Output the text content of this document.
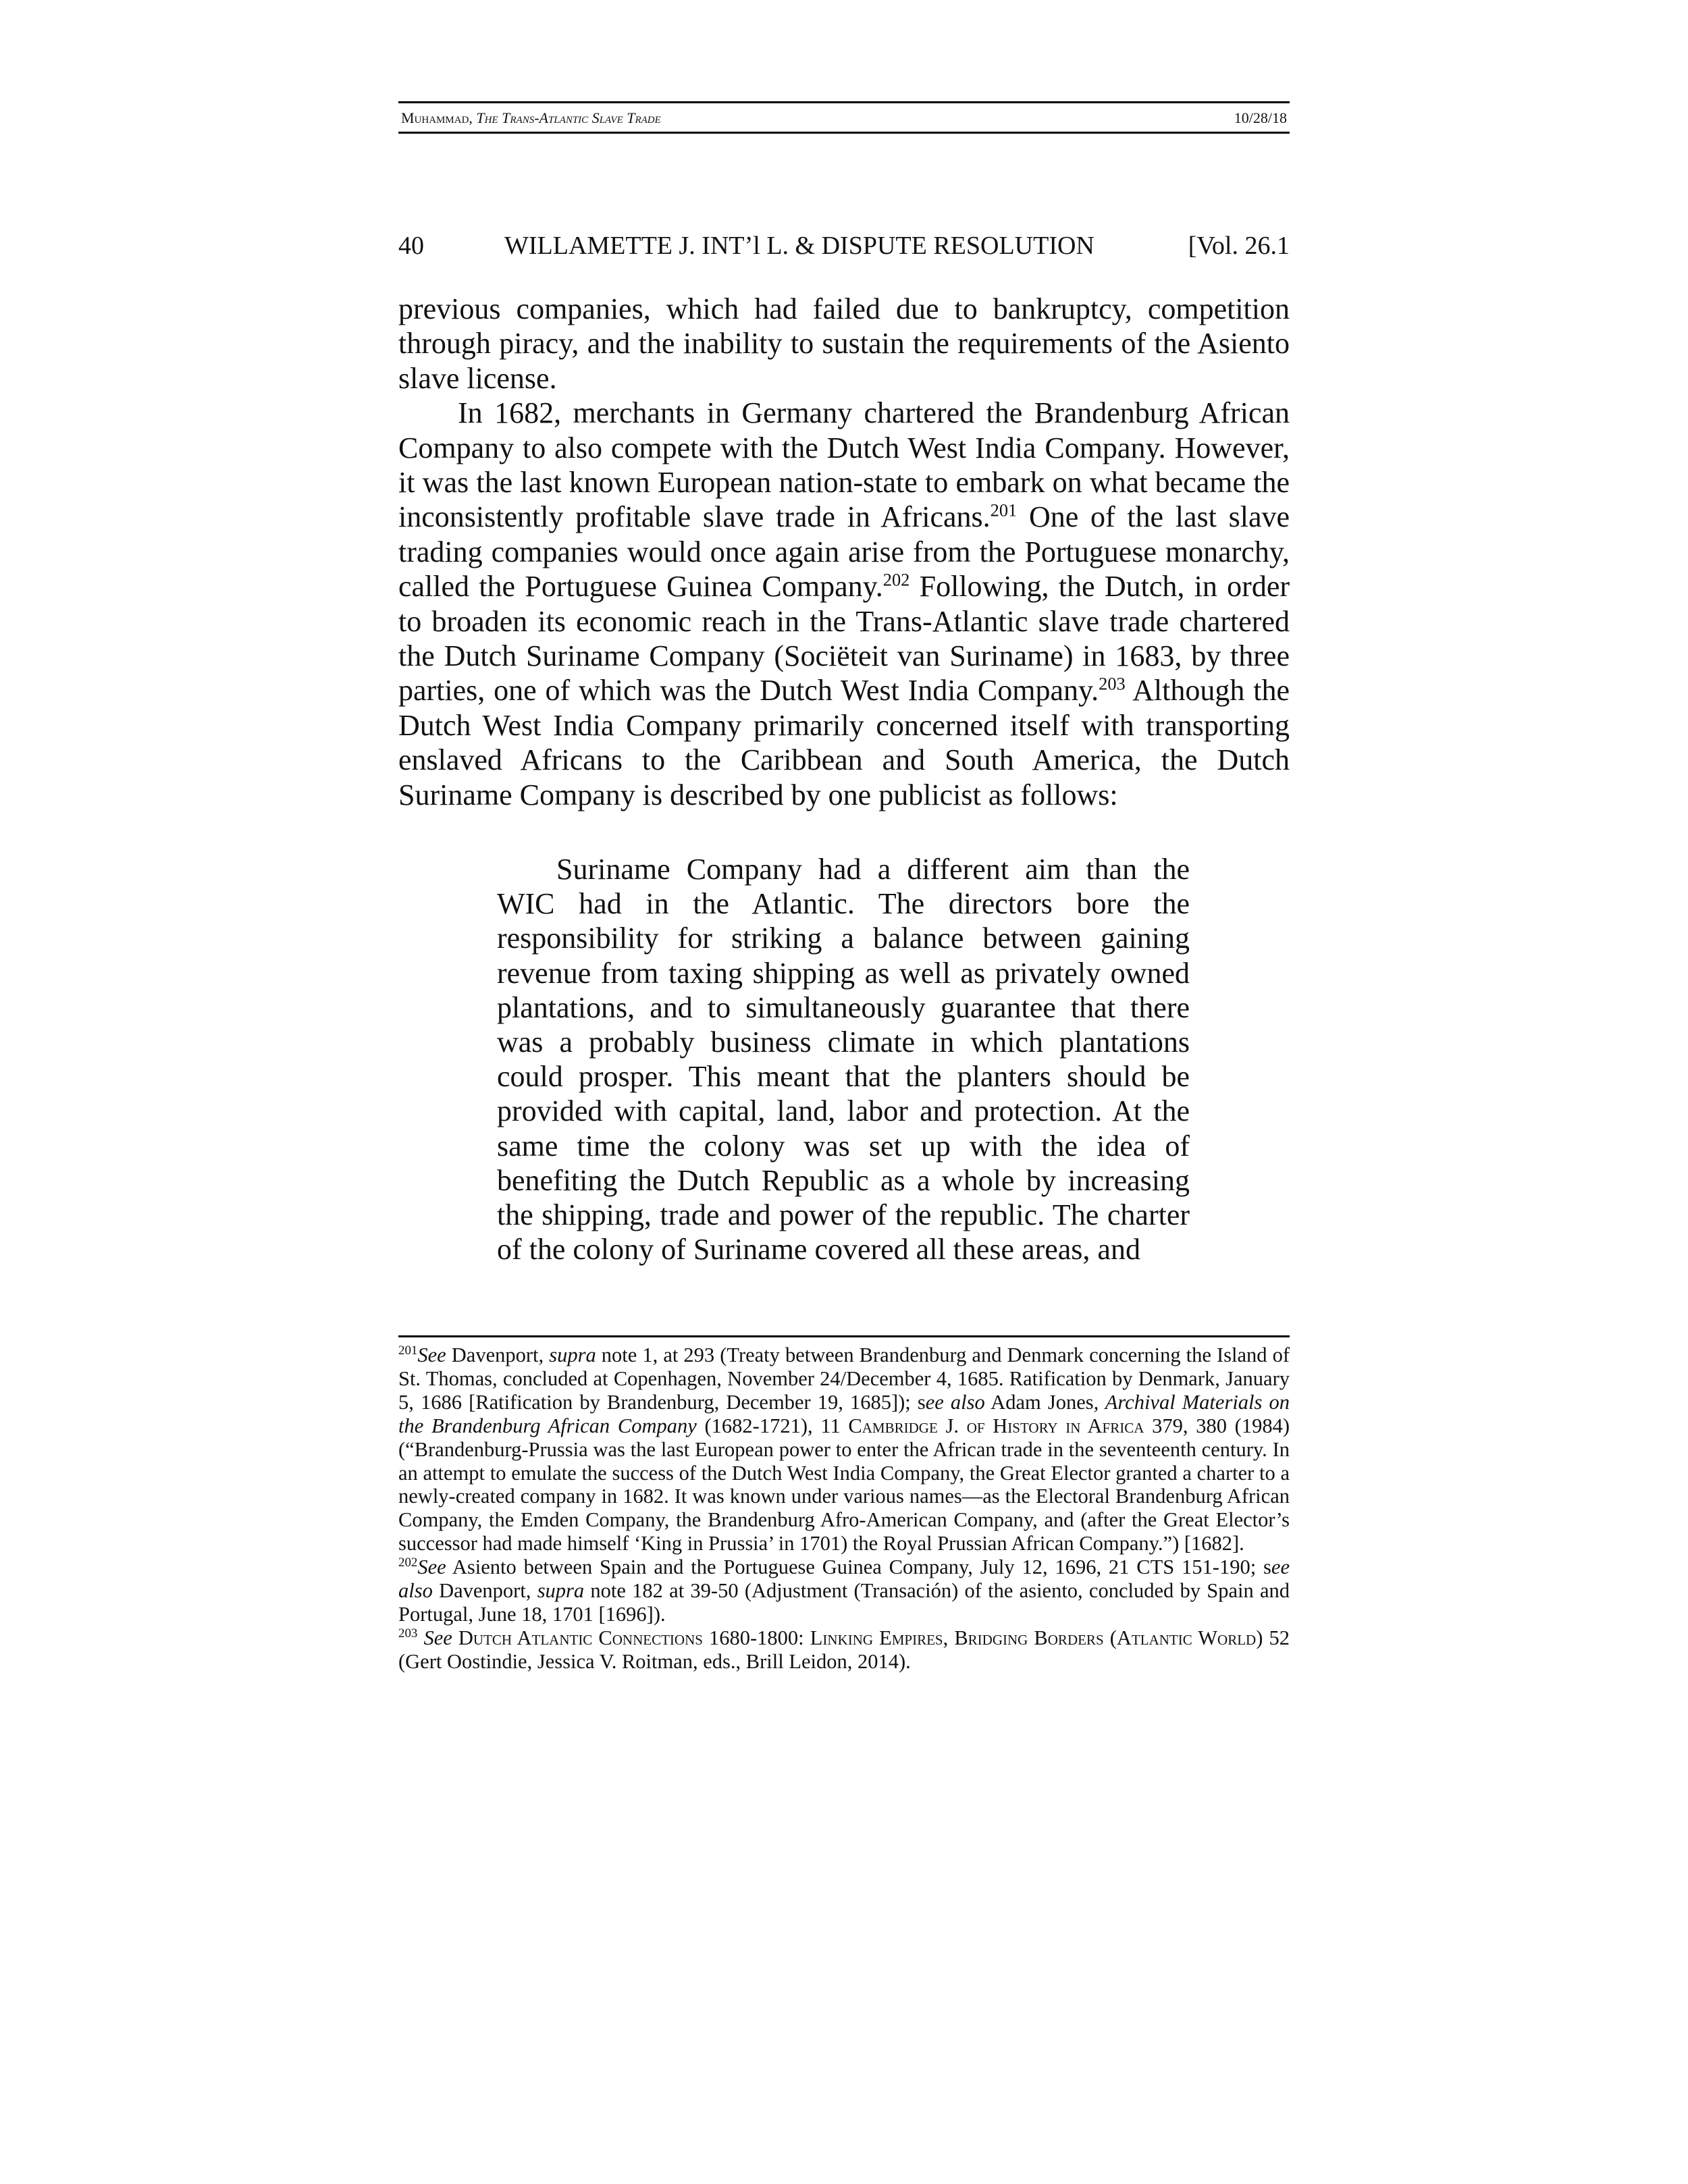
Muhammad, The Trans-Atlantic Slave Trade	10/28/18
40	WILLAMETTE J. INT’l L. & DISPUTE RESOLUTION	[Vol. 26.1

previous companies, which had failed due to bankruptcy, competition through piracy, and the inability to sustain the requirements of the Asiento slave license.

In 1682, merchants in Germany chartered the Brandenburg African Company to also compete with the Dutch West India Company. However, it was the last known European nation-state to embark on what became the inconsistently profitable slave trade in Africans.$^{201}$ One of the last slave trading companies would once again arise from the Portuguese monarchy, called the Portuguese Guinea Company.$^{202}$ Following, the Dutch, in order to broaden its economic reach in the Trans-Atlantic slave trade chartered the Dutch Suriname Company (Sociëteit van Suriname) in 1683, by three parties, one of which was the Dutch West India Company.$^{203}$ Although the Dutch West India Company primarily concerned itself with transporting enslaved Africans to the Caribbean and South America, the Dutch Suriname Company is described by one publicist as follows:

Suriname Company had a different aim than the WIC had in the Atlantic. The directors bore the responsibility for striking a balance between gaining revenue from taxing shipping as well as privately owned plantations, and to simultaneously guarantee that there was a probably business climate in which plantations could prosper. This meant that the planters should be provided with capital, land, labor and protection. At the same time the colony was set up with the idea of benefiting the Dutch Republic as a whole by increasing the shipping, trade and power of the republic. The charter of the colony of Suriname covered all these areas, and

$^{201}$See Davenport, supra note 1, at 293 (Treaty between Brandenburg and Denmark concerning the Island of St. Thomas, concluded at Copenhagen, November 24/December 4, 1685. Ratification by Denmark, January 5, 1686 [Ratification by Brandenburg, December 19, 1685]); see also Adam Jones, Archival Materials on the Brandenburg African Company (1682-1721), 11 Cambridge J. of History in Africa 379, 380 (1984) (“Brandenburg-Prussia was the last European power to enter the African trade in the seventeenth century. In an attempt to emulate the success of the Dutch West India Company, the Great Elector granted a charter to a newly-created company in 1682. It was known under various names—as the Electoral Brandenburg African Company, the Emden Company, the Brandenburg Afro-American Company, and (after the Great Elector’s successor had made himself ‘King in Prussia’ in 1701) the Royal Prussian African Company.”) [1682].

$^{202}$See Asiento between Spain and the Portuguese Guinea Company, July 12, 1696, 21 CTS 151-190; see also Davenport, supra note 182 at 39-50 (Adjustment (Transación) of the asiento, concluded by Spain and Portugal, June 18, 1701 [1696]).

$^{203}$ See Dutch Atlantic Connections 1680-1800: Linking Empires, Bridging Borders (Atlantic World) 52 (Gert Oostindie, Jessica V. Roitman, eds., Brill Leidon, 2014).
